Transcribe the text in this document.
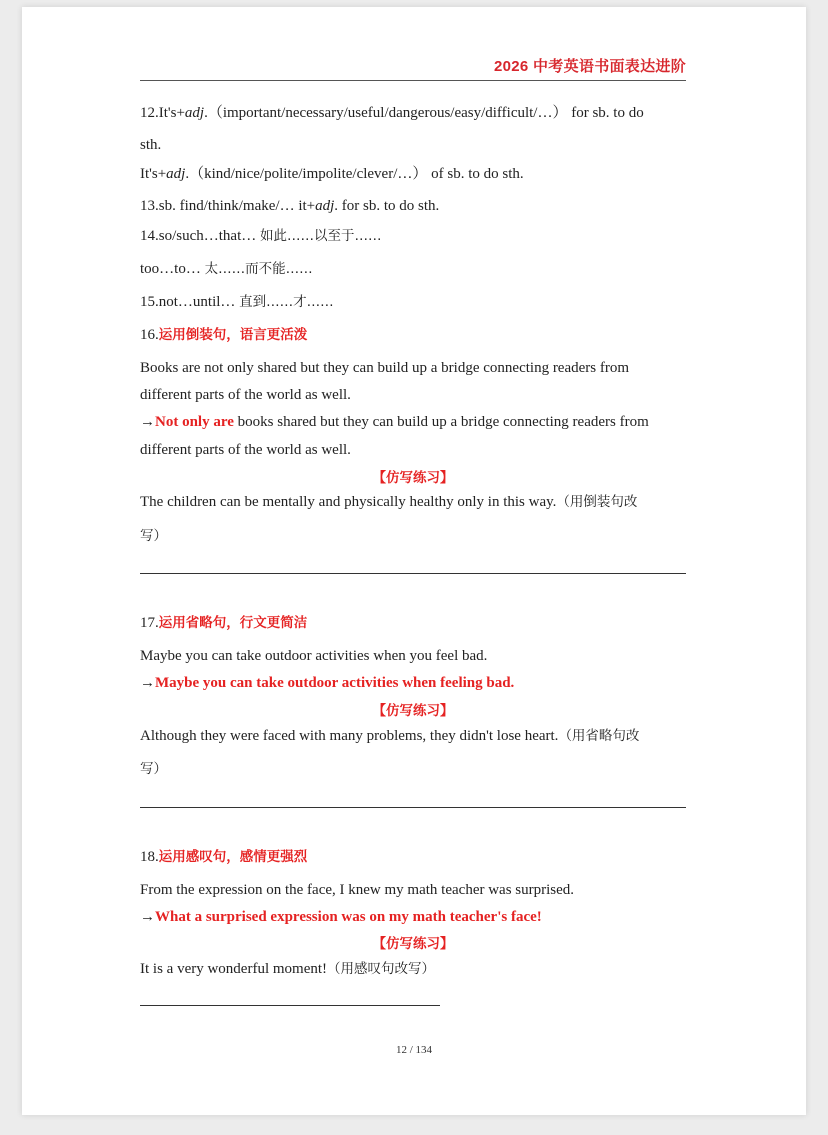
2026 中考英语书面表达进阶
12.It's+adj.（important/necessary/useful/dangerous/easy/difficult/…） for sb. to do
sth.
It's+adj.（kind/nice/polite/impolite/clever/…） of sb. to do sth.
13.sb. find/think/make/… it+adj. for sb. to do sth.
14.so/such…that… 如此……以至于……
too…to… 太……而不能……
15.not…until… 直到……才……
16.运用倒装句，语言更活泼
Books are not only shared but they can build up a bridge connecting readers from
different parts of the world as well.
→Not only are books shared but they can build up a bridge connecting readers from
different parts of the world as well.
【仿写练习】
The children can be mentally and physically healthy only in this way.（用倒装句改
写）
17.运用省略句，行文更简洁
Maybe you can take outdoor activities when you feel bad.
→Maybe you can take outdoor activities when feeling bad.
【仿写练习】
Although they were faced with many problems, they didn't lose heart.（用省略句改
写）
18.运用感叹句，感情更强烈
From the expression on the face, I knew my math teacher was surprised.
→What a surprised expression was on my math teacher's face!
【仿写练习】
It is a very wonderful moment!（用感叹句改写）
12 / 134
